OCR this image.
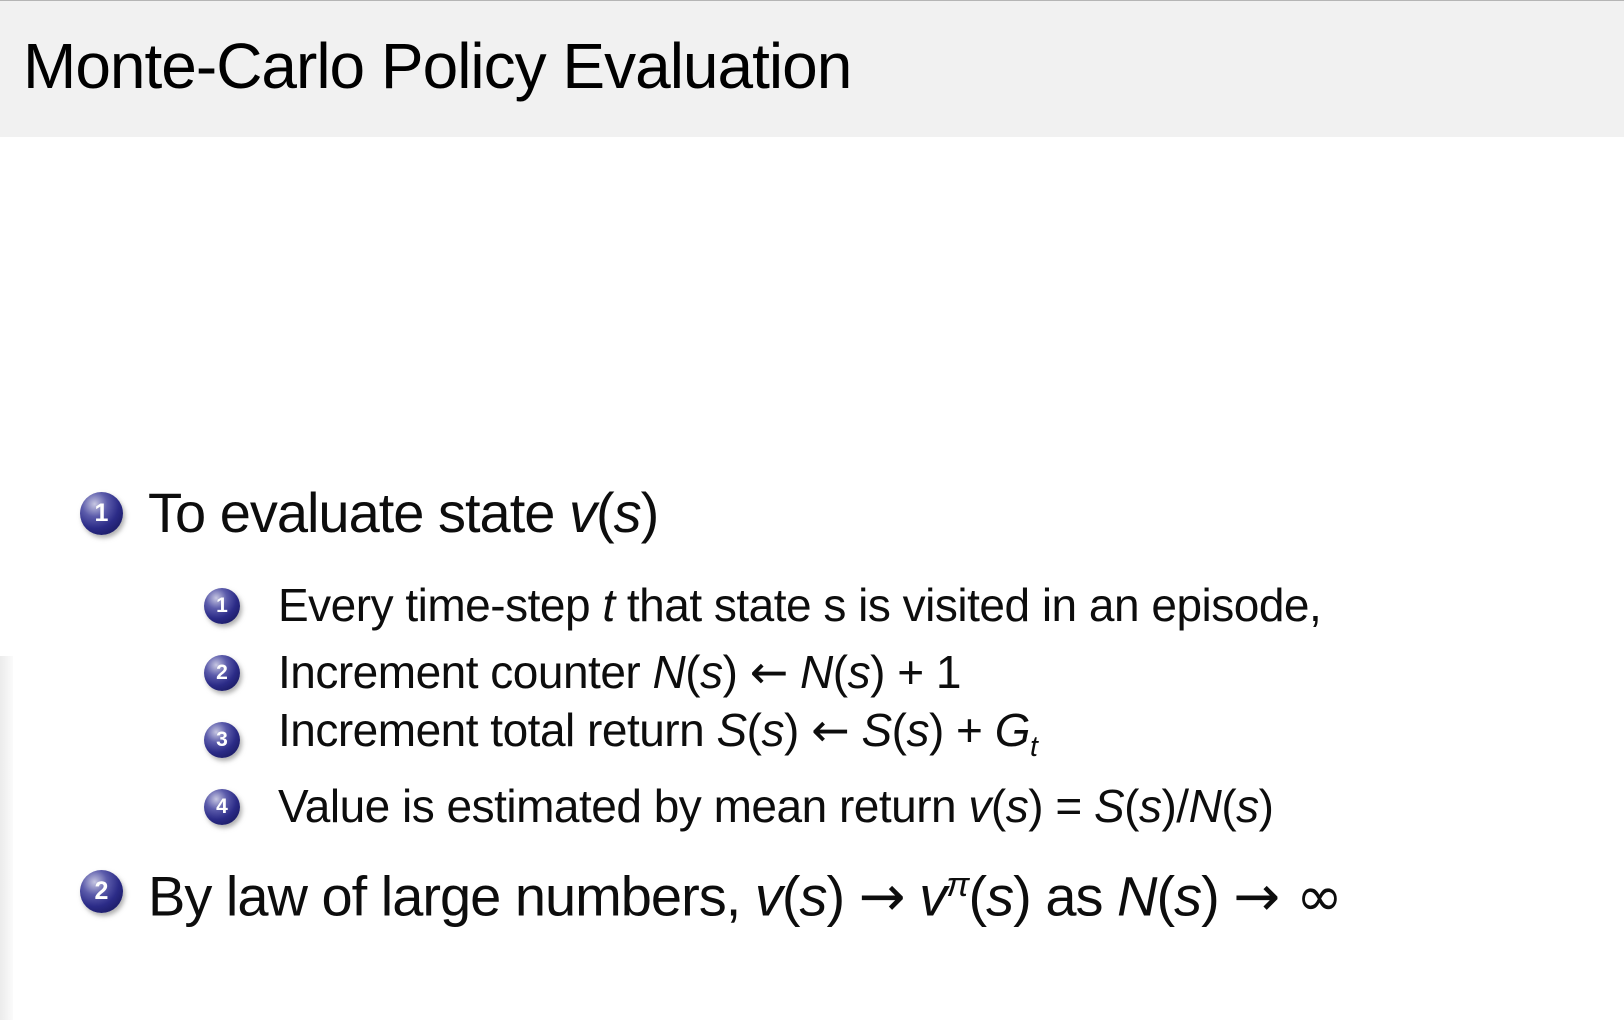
Monte-Carlo Policy Evaluation
1 To evaluate state v(s)
1 Every time-step t that state s is visited in an episode,
2 Increment counter N(s) ← N(s) + 1
3 Increment total return S(s) ← $S(s) + G_t$
4 Value is estimated by mean return v(s) = S(s)/N(s)
2 By law of large numbers, $v(s) \to v^\pi(s)$ as N(s) → ∞
